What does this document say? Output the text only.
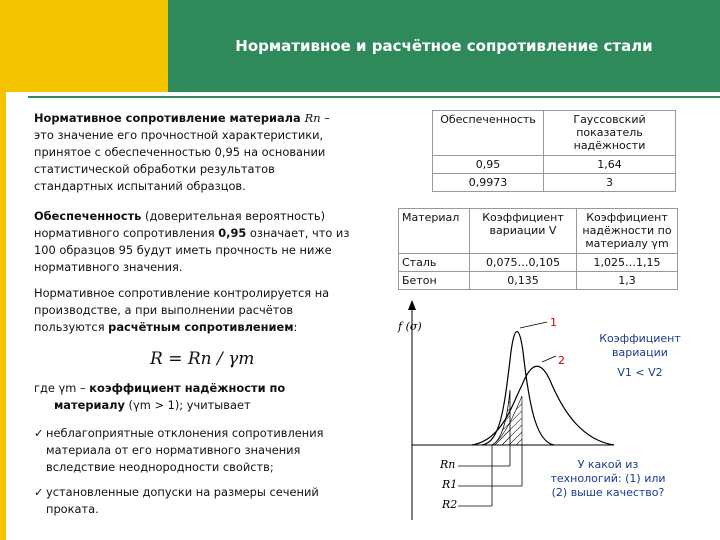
Нормативное и расчётное сопротивление стали
Нормативное сопротивление материала Rn –
это значение его прочностной характеристики,
принятое с обеспеченностью 0,95 на основании
статистической обработки результатов
стандартных испытаний образцов.
Обеспеченность (доверительная вероятность)
нормативного сопротивления 0,95 означает, что из
100 образцов 95 будут иметь прочность не ниже
нормативного значения.
Нормативное сопротивление контролируется на
производстве, а при выполнении расчётов
пользуются расчётным сопротивлением:
R = Rn / γm
где γm – коэффициент надёжности по
материалу (γm > 1); учитывает
✓ неблагоприятные отклонения сопротивления
материала от его нормативного значения
вследствие неоднородности свойств;
✓ установленные допуски на размеры сечений
проката.
Обеспеченность	Гауссовский показатель надёжности
0,95	1,64
0,9973	3
Материал	Коэффициент вариации V	Коэффициент надёжности по материалу γm
Сталь	0,075…0,105	1,025…1,15
Бетон	0,135	1,3
f (σ)	1
2
Rn
R1
R2
Коэффициент вариации
V1 < V2
У какой из технологий: (1) или (2) выше качество?
